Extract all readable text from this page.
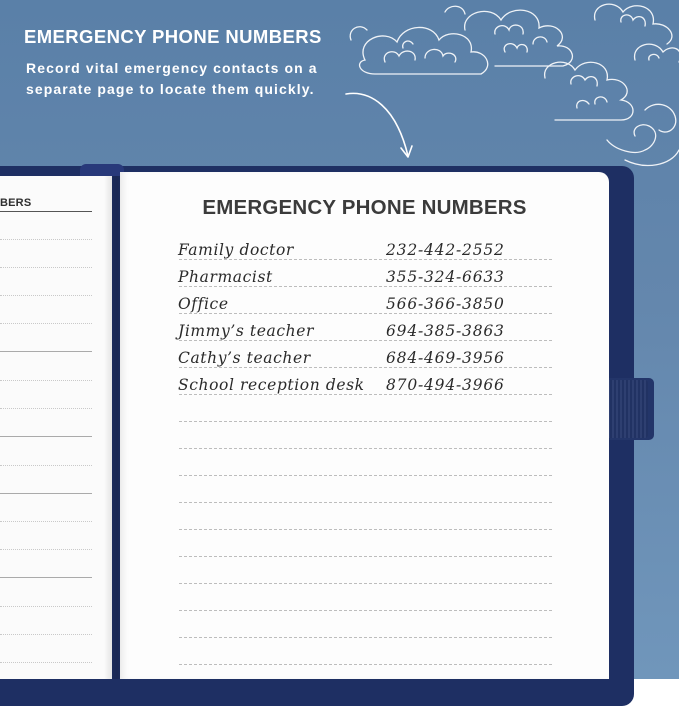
EMERGENCY PHONE NUMBERS

Record vital emergency contacts on a separate page to locate them quickly.

BERS	EMERGENCY PHONE NUMBERS

Family doctor	232-442-2552

Pharmacist	355-324-6633

Office	566-366-3850

Jimmy’s teacher	694-385-3863

Cathy’s teacher	684-469-3956

School reception desk 870-494-3966
